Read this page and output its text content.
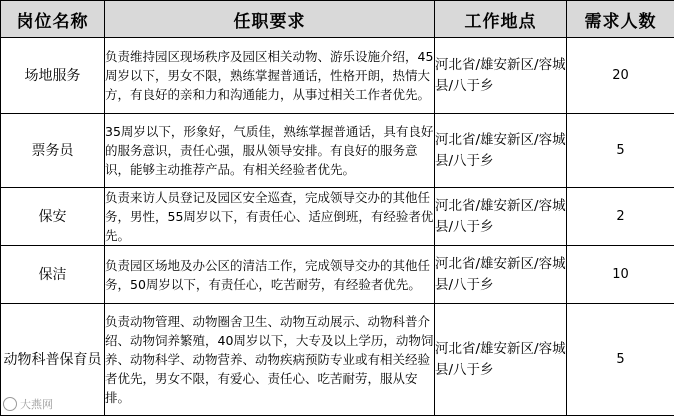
岗位名称	任职要求	工作地点	需求人数
场地服务	负责维持园区现场秩序及园区相关动物、游乐设施介绍，45周岁以下，男女不限，熟练掌握普通话，性格开朗，热情大方，有良好的亲和力和沟通能力，从事过相关工作者优先。	河北省/雄安新区/容城县/八于乡	20
票务员	35周岁以下，形象好，气质佳，熟练掌握普通话，具有良好的服务意识，责任心强，服从领导安排。有良好的服务意识，能够主动推荐产品。有相关经验者优先。	河北省/雄安新区/容城县/八于乡	5
保安	负责来访人员登记及园区安全巡查，完成领导交办的其他任务，男性，55周岁以下，有责任心、适应倒班，有经验者优先。	河北省/雄安新区/容城县/八于乡	2
保洁	负责园区场地及办公区的清洁工作，完成领导交办的其他任务，50周岁以下，有责任心，吃苦耐劳，有经验者优先。	河北省/雄安新区/容城县/八于乡	10
动物科普保育员	负责动物管理、动物圈舍卫生、动物互动展示、动物科普介绍、动物饲养繁殖，40周岁以下，大专及以上学历，动物饲养、动物科学、动物营养、动物疾病预防专业或有相关经验者优先，男女不限，有爱心、责任心、吃苦耐劳，服从安排。	河北省/雄安新区/容城县/八于乡	5
大燕网
